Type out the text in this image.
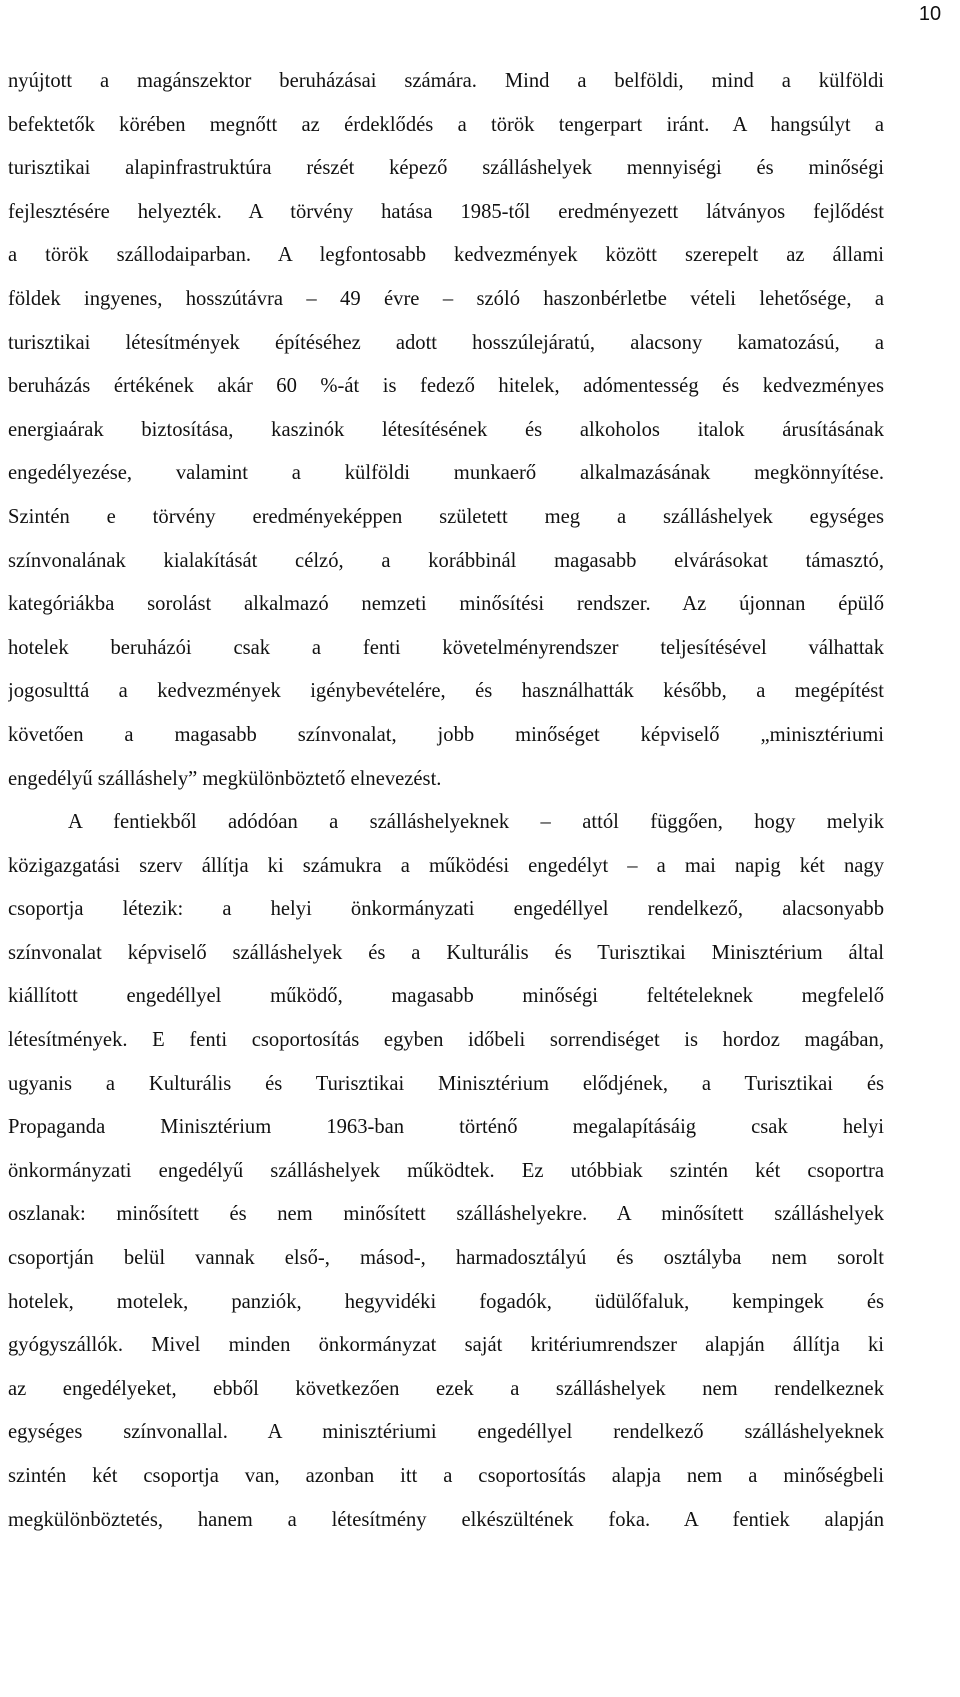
10

nyújtott a magánszektor beruházásai számára. Mind a belföldi, mind a külföldi
befektetők körében megnőtt az érdeklődés a török tengerpart iránt. A hangsúlyt a
turisztikai alapinfrastruktúra részét képező szálláshelyek mennyiségi és minőségi
fejlesztésére helyezték. A törvény hatása 1985-től eredményezett látványos fejlődést
a török szállodaiparban. A legfontosabb kedvezmények között szerepelt az állami
földek ingyenes, hosszútávra – 49 évre – szóló haszonbérletbe vételi lehetősége, a
turisztikai létesítmények építéséhez adott hosszúlejáratú, alacsony kamatozású, a
beruházás értékének akár 60 %-át is fedező hitelek, adómentesség és kedvezményes
energiaárak biztosítása, kaszinók létesítésének és alkoholos italok árusításának
engedélyezése, valamint a külföldi munkaerő alkalmazásának megkönnyítése.
Szintén e törvény eredményeképpen született meg a szálláshelyek egységes
színvonalának kialakítását célzó, a korábbinál magasabb elvárásokat támasztó,
kategóriákba sorolást alkalmazó nemzeti minősítési rendszer. Az újonnan épülő
hotelek beruházói csak a fenti követelményrendszer teljesítésével válhattak
jogosulttá a kedvezmények igénybevételére, és használhatták később, a megépítést
követően a magasabb színvonalat, jobb minőséget képviselő „minisztériumi
engedélyű szálláshely” megkülönböztető elnevezést.

A fentiekből adódóan a szálláshelyeknek – attól függően, hogy melyik
közigazgatási szerv állítja ki számukra a működési engedélyt – a mai napig két nagy
csoportja létezik: a helyi önkormányzati engedéllyel rendelkező, alacsonyabb
színvonalat képviselő szálláshelyek és a Kulturális és Turisztikai Minisztérium által
kiállított engedéllyel működő, magasabb minőségi feltételeknek megfelelő
létesítmények. E fenti csoportosítás egyben időbeli sorrendiséget is hordoz magában,
ugyanis a Kulturális és Turisztikai Minisztérium elődjének, a Turisztikai és
Propaganda Minisztérium 1963-ban történő megalapításáig csak helyi
önkormányzati engedélyű szálláshelyek működtek. Ez utóbbiak szintén két csoportra
oszlanak: minősített és nem minősített szálláshelyekre. A minősített szálláshelyek
csoportján belül vannak első-, másod-, harmadosztályú és osztályba nem sorolt
hotelek, motelek, panziók, hegyvidéki fogadók, üdülőfaluk, kempingek és
gyógyszállók. Mivel minden önkormányzat saját kritériumrendszer alapján állítja ki
az engedélyeket, ebből következően ezek a szálláshelyek nem rendelkeznek
egységes színvonallal. A minisztériumi engedéllyel rendelkező szálláshelyeknek
szintén két csoportja van, azonban itt a csoportosítás alapja nem a minőségbeli
megkülönböztetés, hanem a létesítmény elkészültének foka. A fentiek alapján
